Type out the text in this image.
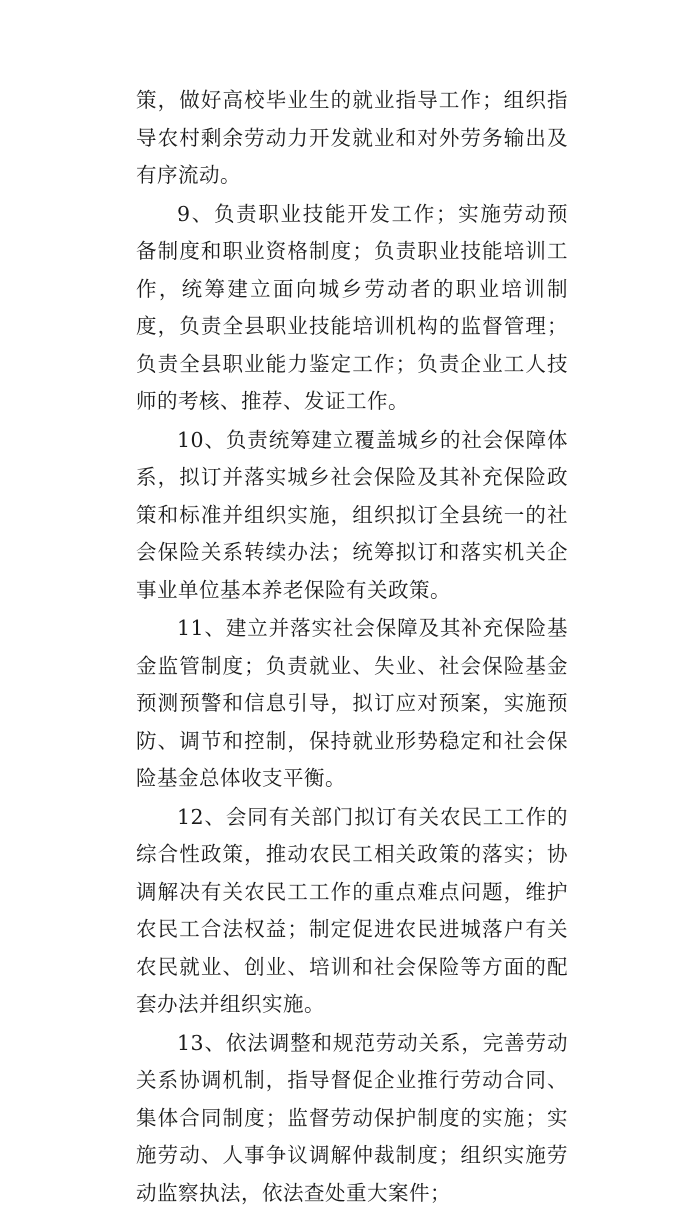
策，做好高校毕业生的就业指导工作；组织指导农村剩余劳动力开发就业和对外劳务输出及有序流动。

9、负责职业技能开发工作；实施劳动预备制度和职业资格制度；负责职业技能培训工作，统筹建立面向城乡劳动者的职业培训制度，负责全县职业技能培训机构的监督管理；负责全县职业能力鉴定工作；负责企业工人技师的考核、推荐、发证工作。

10、负责统筹建立覆盖城乡的社会保障体系，拟订并落实城乡社会保险及其补充保险政策和标准并组织实施，组织拟订全县统一的社会保险关系转续办法；统筹拟订和落实机关企事业单位基本养老保险有关政策。

11、建立并落实社会保障及其补充保险基金监管制度；负责就业、失业、社会保险基金预测预警和信息引导，拟订应对预案，实施预防、调节和控制，保持就业形势稳定和社会保险基金总体收支平衡。

12、会同有关部门拟订有关农民工工作的综合性政策，推动农民工相关政策的落实；协调解决有关农民工工作的重点难点问题，维护农民工合法权益；制定促进农民进城落户有关农民就业、创业、培训和社会保险等方面的配套办法并组织实施。

13、依法调整和规范劳动关系，完善劳动关系协调机制，指导督促企业推行劳动合同、集体合同制度；监督劳动保护制度的实施；实施劳动、人事争议调解仲裁制度；组织实施劳动监察执法，依法查处重大案件；
